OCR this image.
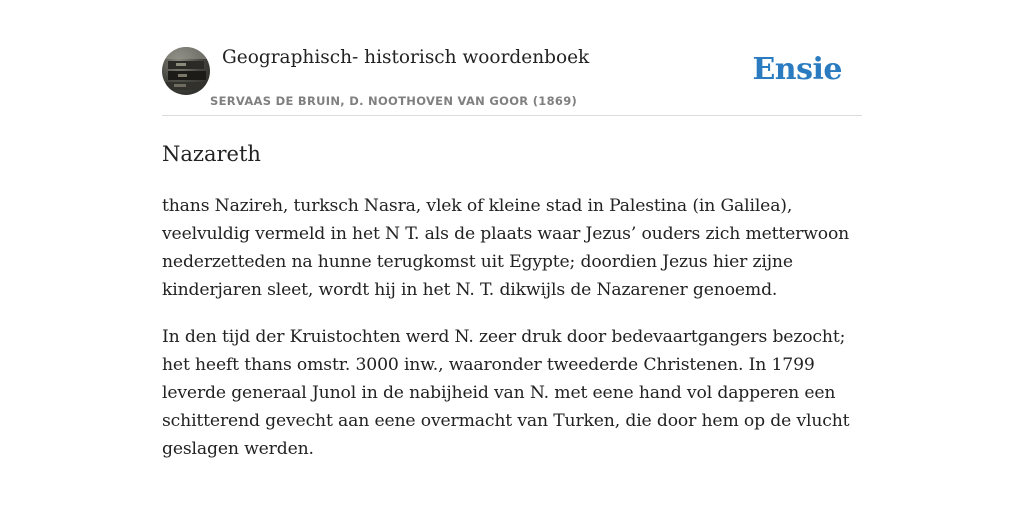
Geographisch- historisch woordenboek
SERVAAS DE BRUIN, D. NOOTHOVEN VAN GOOR (1869)
Ensie
Nazareth

thans Nazireh, turksch Nasra, vlek of kleine stad in Palestina (in Galilea), veelvuldig vermeld in het N T. als de plaats waar Jezus’ ouders zich metterwoon nederzetteden na hunne terugkomst uit Egypte; doordien Jezus hier zijne kinderjaren sleet, wordt hij in het N. T. dikwijls de Nazarener genoemd.

In den tijd der Kruistochten werd N. zeer druk door bedevaartgangers bezocht; het heeft thans omstr. 3000 inw., waaronder tweederde Christenen. In 1799 leverde generaal Junol in de nabijheid van N. met eene hand vol dapperen een schitterend gevecht aan eene overmacht van Turken, die door hem op de vlucht geslagen werden.
